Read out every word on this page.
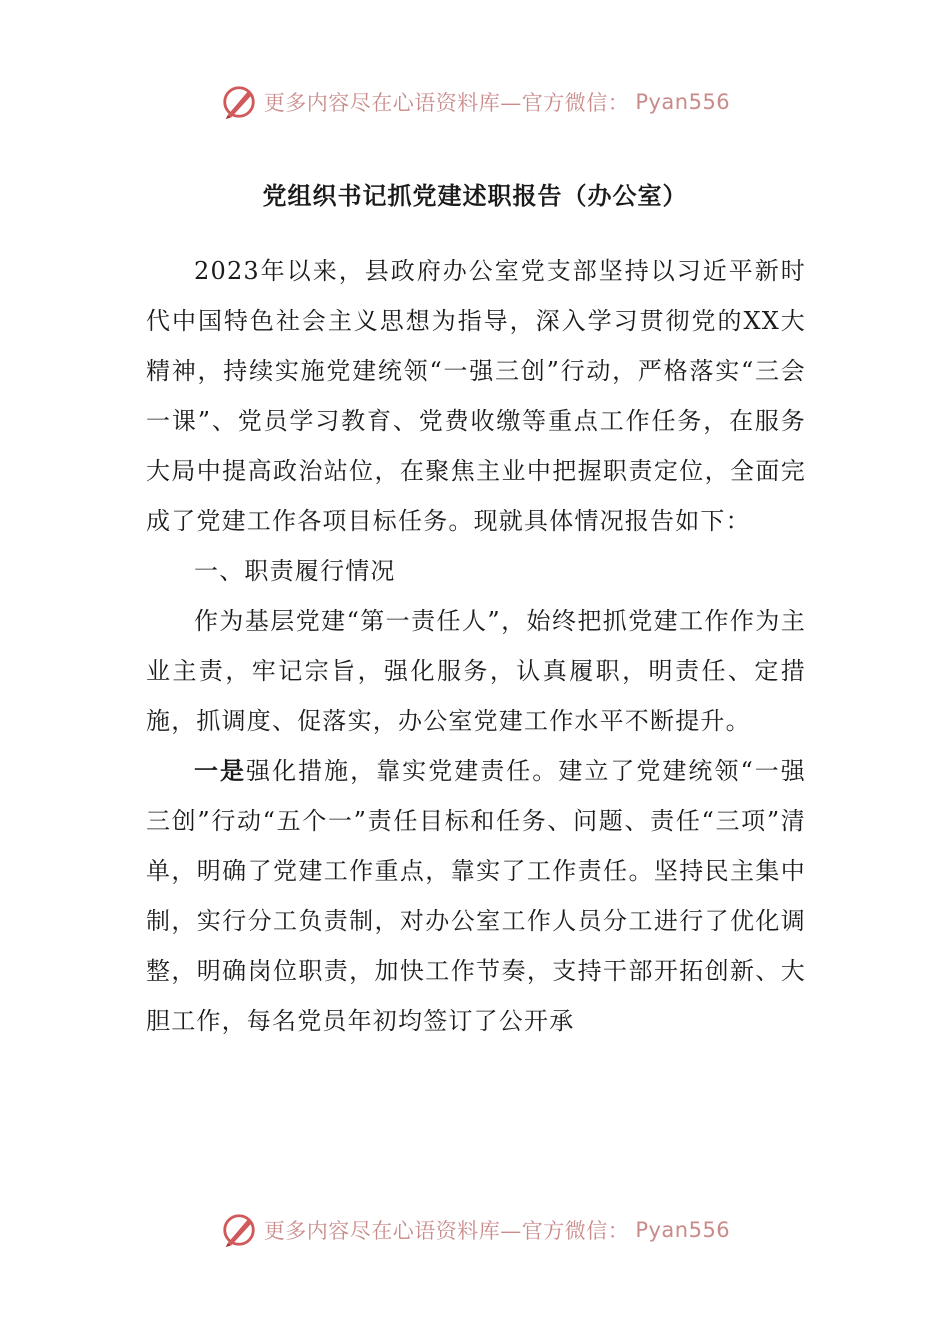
更多内容尽在心语资料库—官方微信： Pyan556
党组织书记抓党建述职报告（办公室）

2023年以来，县政府办公室党支部坚持以习近平新时代中国特色社会主义思想为指导，深入学习贯彻党的XX大精神，持续实施党建统领“一强三创”行动，严格落实“三会一课”、党员学习教育、党费收缴等重点工作任务，在服务大局中提高政治站位，在聚焦主业中把握职责定位，全面完成了党建工作各项目标任务。现就具体情况报告如下：

一、职责履行情况

作为基层党建“第一责任人”，始终把抓党建工作作为主业主责，牢记宗旨，强化服务，认真履职，明责任、定措施，抓调度、促落实，办公室党建工作水平不断提升。

一是强化措施，靠实党建责任。建立了党建统领“一强三创”行动“五个一”责任目标和任务、问题、责任“三项”清单，明确了党建工作重点，靠实了工作责任。坚持民主集中制，实行分工负责制，对办公室工作人员分工进行了优化调整，明确岗位职责，加快工作节奏，支持干部开拓创新、大胆工作，每名党员年初均签订了公开承

更多内容尽在心语资料库—官方微信： Pyan556
